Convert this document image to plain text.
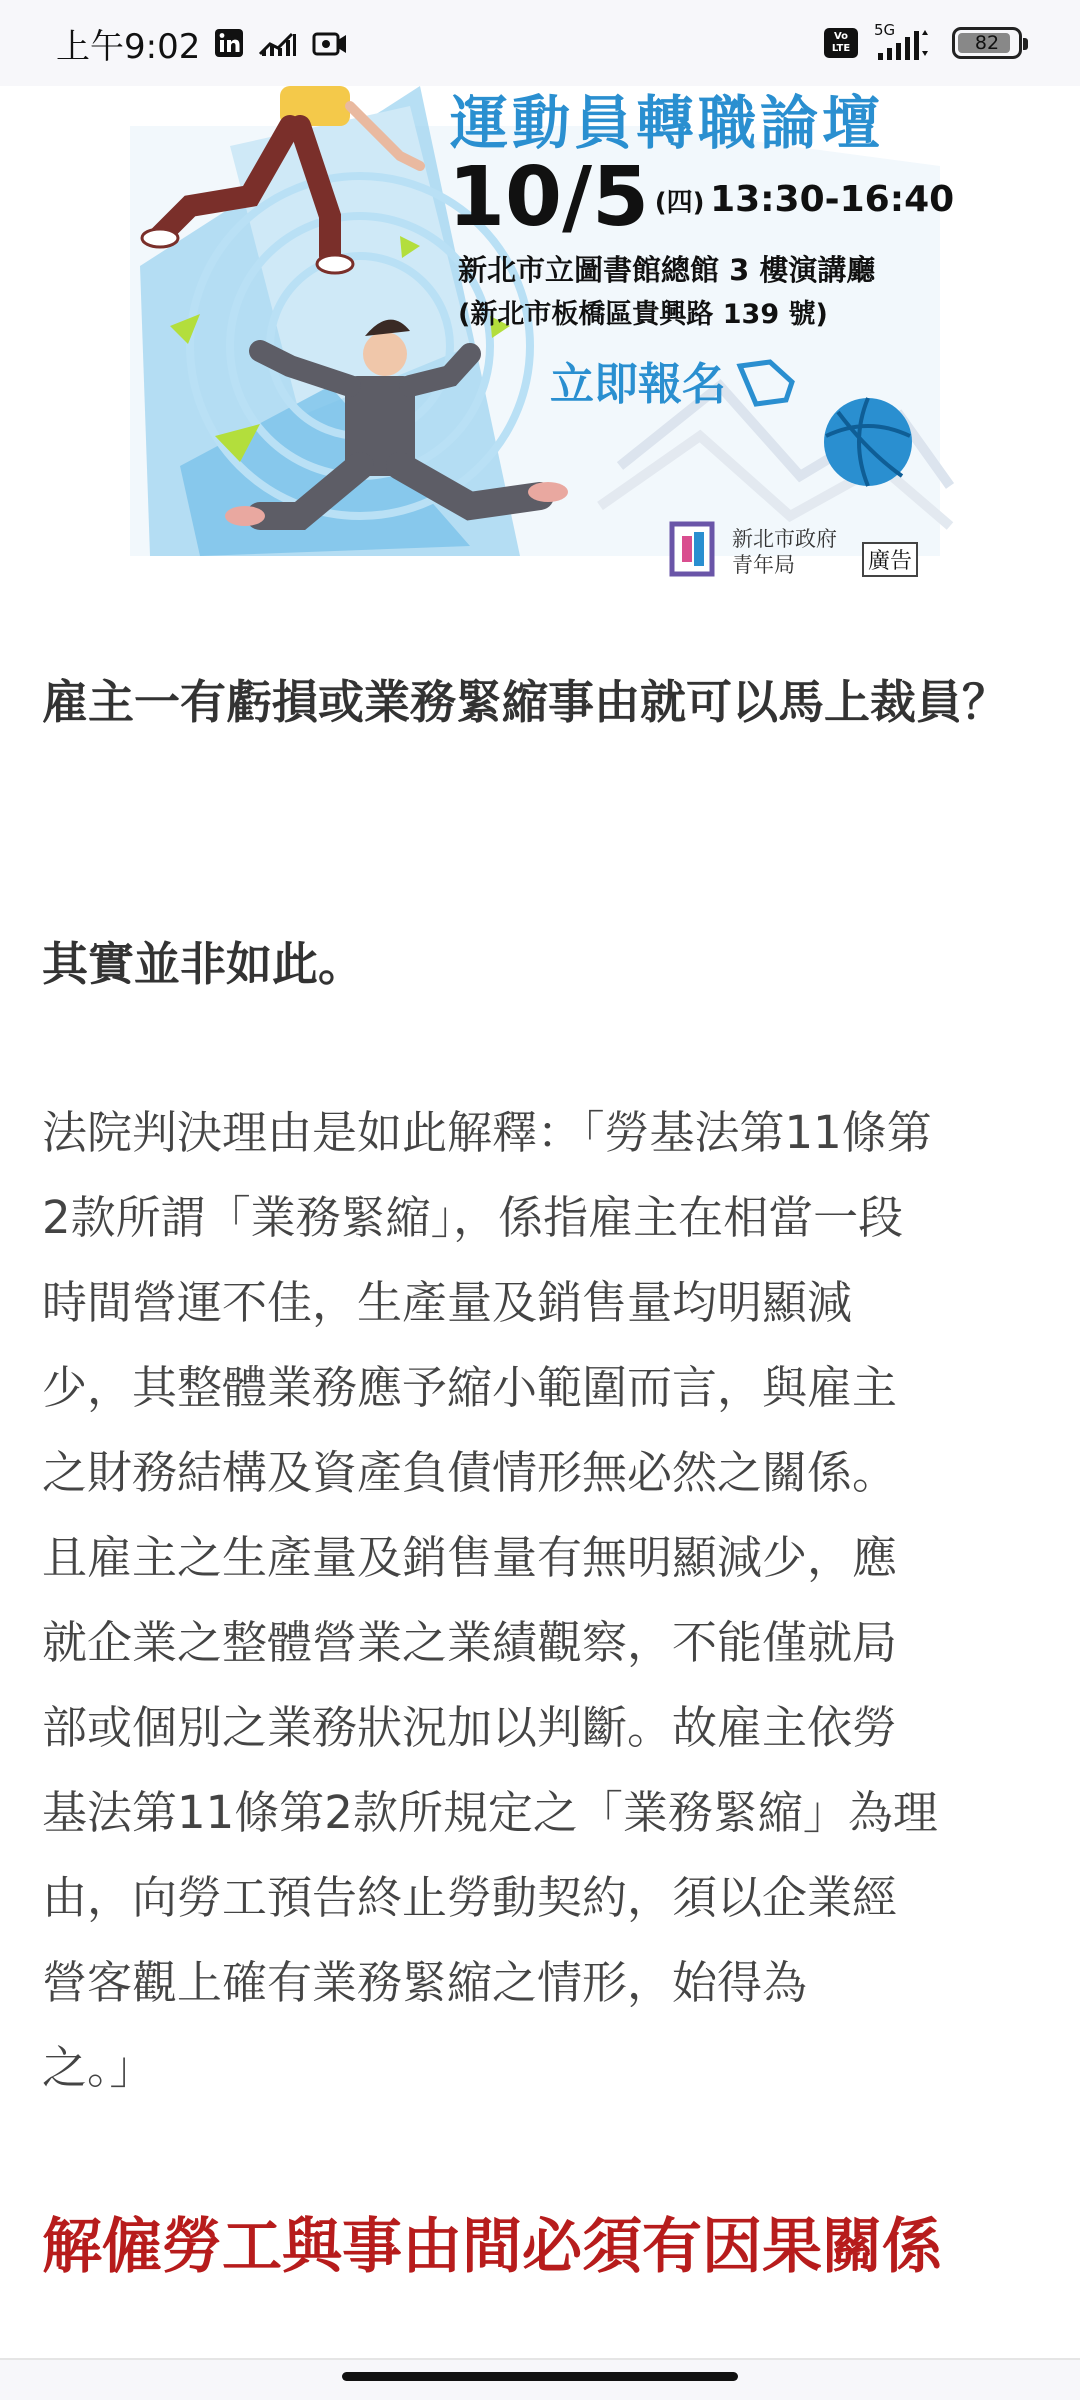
上午9:02	Vo LTE
5G
82
運動員轉職論壇
10/5 (四) 13:30-16:40
新北市立圖書館總館 3 樓演講廳
(新北市板橋區貴興路 139 號)
立即報名
新北市政府
青年局	廣告

雇主一有虧損或業務緊縮事由就可以馬上裁員？

其實並非如此。

法院判決理由是如此解釋：「勞基法第11條第
2款所謂「業務緊縮」，係指雇主在相當一段
時間營運不佳，生產量及銷售量均明顯減
少，其整體業務應予縮小範圍而言，與雇主
之財務結構及資產負債情形無必然之關係。
且雇主之生產量及銷售量有無明顯減少，應
就企業之整體營業之業績觀察，不能僅就局
部或個別之業務狀況加以判斷。故雇主依勞
基法第11條第2款所規定之「業務緊縮」為理
由，向勞工預告終止勞動契約，須以企業經
營客觀上確有業務緊縮之情形，始得為
之。」
解僱勞工與事由間必須有因果關係
